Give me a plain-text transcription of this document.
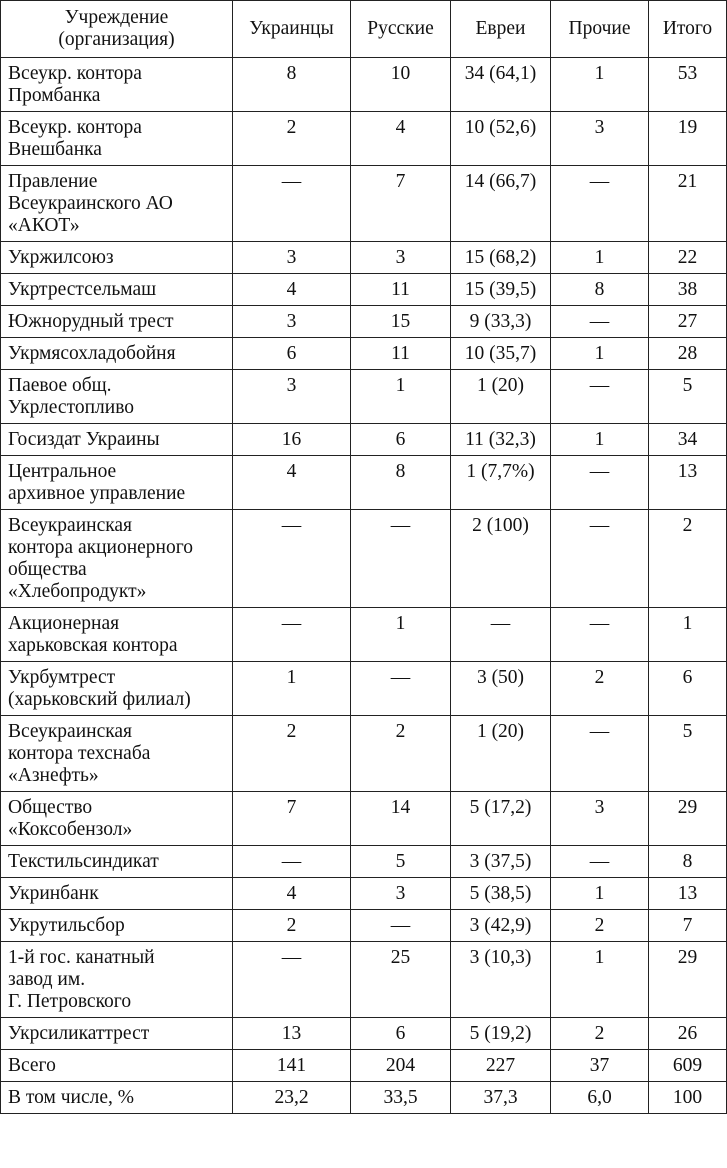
Учреждение
(организация)	Украинцы	Русские	Евреи	Прочие	Итого
Всеукр. контора
Промбанка	8	10	34 (64,1)	1	53
Всеукр. контора
Внешбанка	2	4	10 (52,6)	3	19
Правление
Всеукраинского АО
«АКОТ»	—	7	14 (66,7)	—	21
Укржилсоюз	3	3	15 (68,2)	1	22
Укртрестсельмаш	4	11	15 (39,5)	8	38
Южнорудный трест	3	15	9 (33,3)	—	27
Укрмясохладобойня	6	11	10 (35,7)	1	28
Паевое общ.
Укрлестопливо	3	1	1 (20)	—	5
Госиздат Украины	16	6	11 (32,3)	1	34
Центральное
архивное управление	4	8	1 (7,7%)	—	13
Всеукраинская
контора акционерного
общества
«Хлебопродукт»	—	—	2 (100)	—	2
Акционерная
харьковская контора	—	1	—	—	1
Укрбумтрест
(харьковский филиал)	1	—	3 (50)	2	6
Всеукраинская
контора техснаба
«Азнефть»	2	2	1 (20)	—	5
Общество
«Коксобензол»	7	14	5 (17,2)	3	29
Текстильсиндикат	—	5	3 (37,5)	—	8
Укринбанк	4	3	5 (38,5)	1	13
Укрутильсбор	2	—	3 (42,9)	2	7
1-й гос. канатный
завод им.
Г. Петровского	—	25	3 (10,3)	1	29
Укрсиликаттрест	13	6	5 (19,2)	2	26
Всего	141	204	227	37	609
В том числе, %	23,2	33,5	37,3	6,0	100
